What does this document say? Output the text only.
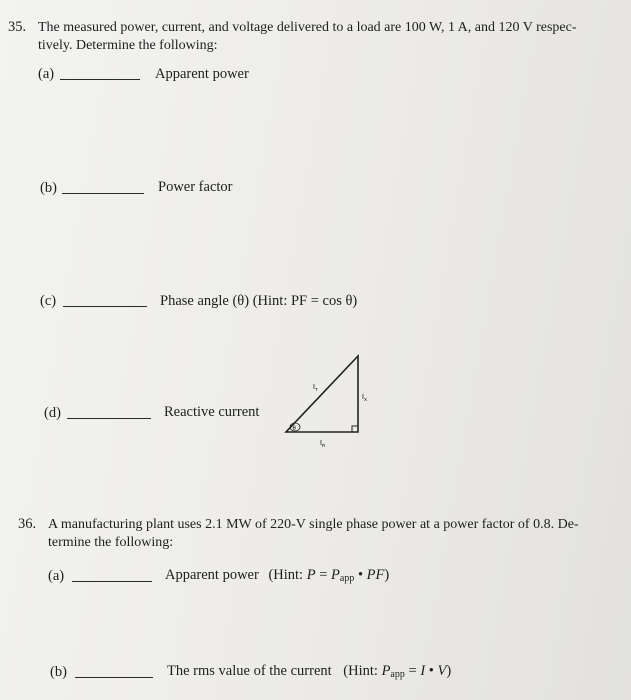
35. The measured power, current, and voltage delivered to a load are 100 W, 1 A, and 120 V respec-
tively. Determine the following:
(a)	Apparent power
(b)	Power factor
(c)	Phase angle (θ) (Hint: PF = cos θ)
(d)	Reactive current
θ
$I_T$
$I_X$
$I_R$
36. A manufacturing plant uses 2.1 MW of 220-V single phase power at a power factor of 0.8. De-
termine the following:
(a)	Apparent power (Hint: $P = P_{app}$ • PF)
(b)	The rms value of the current (Hint: $P_{app} = I$ • V)
